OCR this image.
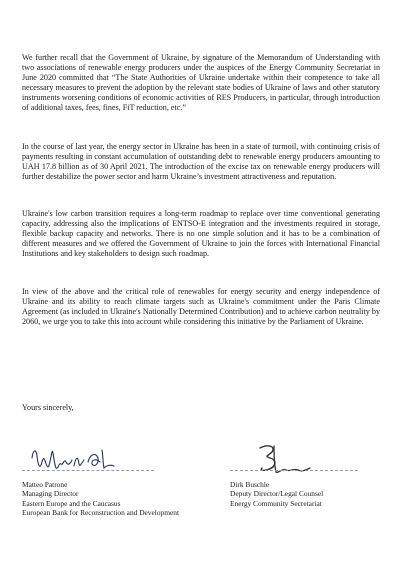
We further recall that the Government of Ukraine, by signature of the Memorandum of Understanding with two associations of renewable energy producers under the auspices of the Energy Community Secretariat in June 2020 committed that “The State Authorities of Ukraine undertake within their competence to take all necessary measures to prevent the adoption by the relevant state bodies of Ukraine of laws and other statutory instruments worsening conditions of economic activities of RES Producers, in particular, through introduction of additional taxes, fees, fines, FiT reduction, etc.”

In the course of last year, the energy sector in Ukraine has been in a state of turmoil, with continuing crisis of payments resulting in constant accumulation of outstanding debt to renewable energy producers amounting to UAH 17.8 billion as of 30 April 2021. The introduction of the excise tax on renewable energy producers will further destabilize the power sector and harm Ukraine’s investment attractiveness and reputation.

Ukraine's low carbon transition requires a long-term roadmap to replace over time conventional generating capacity, addressing also the implications of ENTSO-E integration and the investments required in storage, flexible backup capacity and networks. There is no one simple solution and it has to be a combination of different measures and we offered the Government of Ukraine to join the forces with International Financial Institutions and key stakeholders to design such roadmap.

In view of the above and the critical role of renewables for energy security and energy independence of Ukraine and its ability to reach climate targets such as Ukraine's commitment under the Paris Climate Agreement (as included in Ukraine's Nationally Determined Contribution) and to achieve carbon neutrality by 2060, we urge you to take this into account while considering this initiative by the Parliament of Ukraine.

Yours sincerely,

Matteo Patrone
Managing Director
Eastern Europe and the Caucasus
European Bank for Reconstruction and Development
Dirk Buschle
Deputy Director/Legal Counsel
Energy Community Secretariat
